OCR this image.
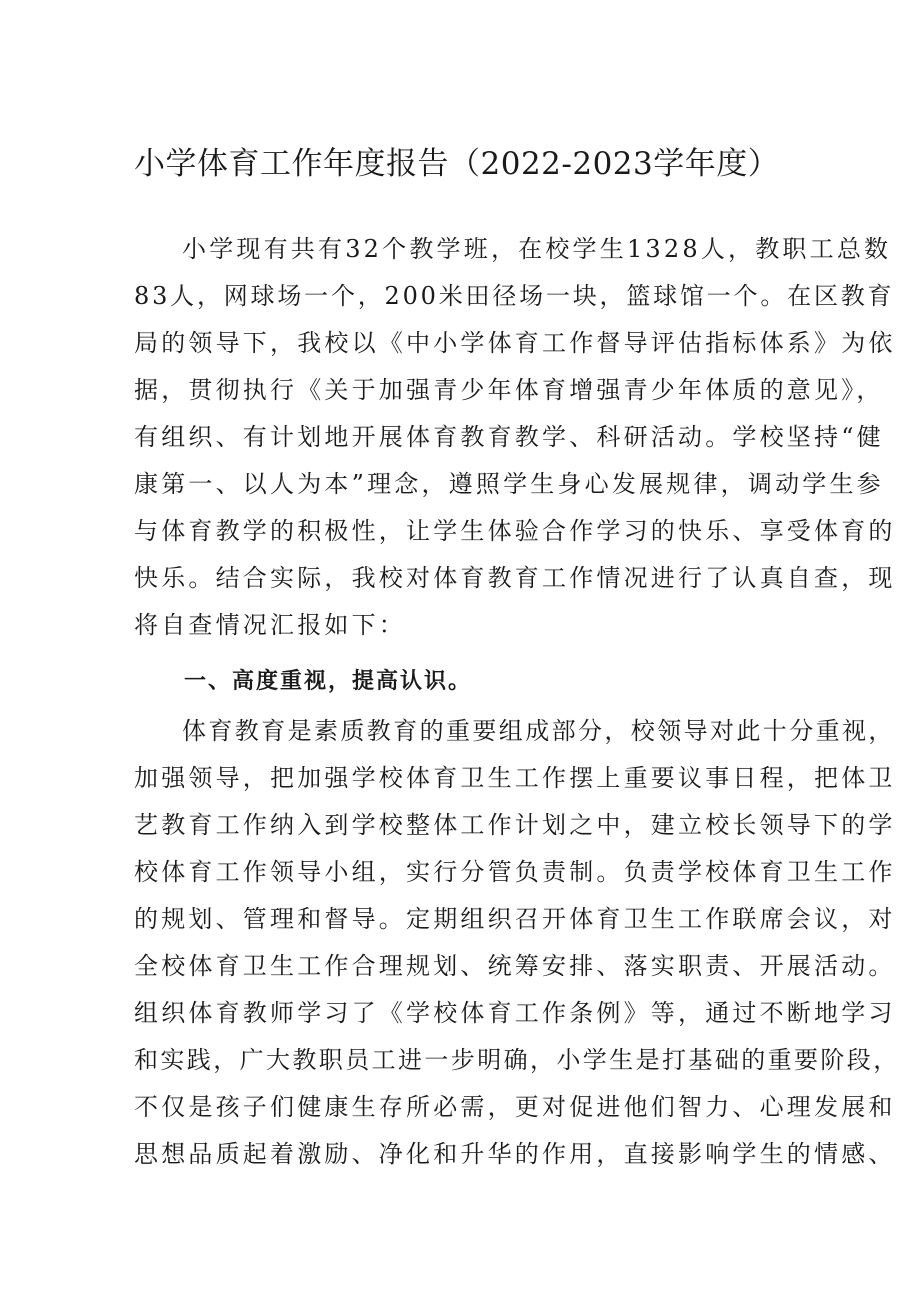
小学体育工作年度报告（2022-2023学年度）
小学现有共有32个教学班，在校学生1328人，教职工总数
83人，网球场一个，200米田径场一块，篮球馆一个。在区教育
局的领导下，我校以《中小学体育工作督导评估指标体系》为依
据，贯彻执行《关于加强青少年体育增强青少年体质的意见》，
有组织、有计划地开展体育教育教学、科研活动。学校坚持“健
康第一、以人为本”理念，遵照学生身心发展规律，调动学生参
与体育教学的积极性，让学生体验合作学习的快乐、享受体育的
快乐。结合实际，我校对体育教育工作情况进行了认真自查，现
将自查情况汇报如下：
一、高度重视，提高认识。
体育教育是素质教育的重要组成部分，校领导对此十分重视，
加强领导，把加强学校体育卫生工作摆上重要议事日程，把体卫
艺教育工作纳入到学校整体工作计划之中，建立校长领导下的学
校体育工作领导小组，实行分管负责制。负责学校体育卫生工作
的规划、管理和督导。定期组织召开体育卫生工作联席会议，对
全校体育卫生工作合理规划、统筹安排、落实职责、开展活动。
组织体育教师学习了《学校体育工作条例》等，通过不断地学习
和实践，广大教职员工进一步明确，小学生是打基础的重要阶段，
不仅是孩子们健康生存所必需，更对促进他们智力、心理发展和
思想品质起着激励、净化和升华的作用，直接影响学生的情感、
